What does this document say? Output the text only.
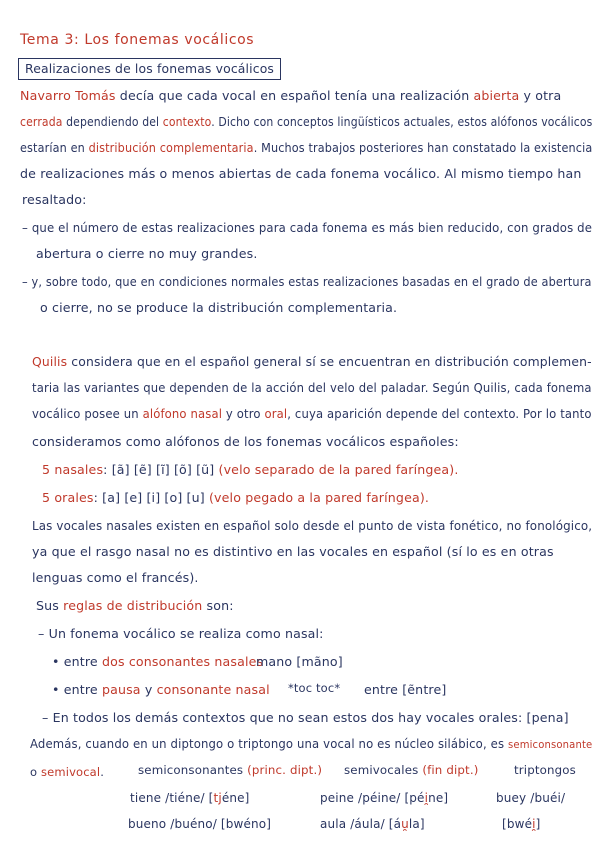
Tema 3: Los fonemas vocálicos
Realizaciones de los fonemas vocálicos
Navarro Tomás decía que cada vocal en español tenía una realización abierta y otra
cerrada dependiendo del contexto. Dicho con conceptos lingüísticos actuales, estos alófonos vocálicos
estarían en distribución complementaria. Muchos trabajos posteriores han constatado la existencia
de realizaciones más o menos abiertas de cada fonema vocálico. Al mismo tiempo han
resaltado:
– que el número de estas realizaciones para cada fonema es más bien reducido, con grados de
abertura o cierre no muy grandes.
– y, sobre todo, que en condiciones normales estas realizaciones basadas en el grado de abertura
o cierre, no se produce la distribución complementaria.
Quilis considera que en el español general sí se encuentran en distribución complemen-
taria las variantes que dependen de la acción del velo del paladar. Según Quilis, cada fonema
vocálico posee un alófono nasal y otro oral, cuya aparición depende del contexto. Por lo tanto
consideramos como alófonos de los fonemas vocálicos españoles:
5 nasales: [ã] [ẽ] [ĩ] [õ] [ũ] (velo separado de la pared faríngea).
5 orales: [a] [e] [i] [o] [u] (velo pegado a la pared faríngea).
Las vocales nasales existen en español solo desde el punto de vista fonético, no fonológico,
ya que el rasgo nasal no es distintivo en las vocales en español (sí lo es en otras
lenguas como el francés).
Sus reglas de distribución son:
– Un fonema vocálico se realiza como nasal:
• entre dos consonantes nasales
mano [mãno]
• entre pausa y consonante nasal *toc toc* entre [ẽntre]
– En todos los demás contextos que no sean estos dos hay vocales orales: [pena]
Además, cuando en un diptongo o triptongo una vocal no es núcleo silábico, es semiconsonante
o semivocal.	semiconsonantes (princ. dipt.) semivocales (fin dipt.)	triptongos
tiene /tiéne/ [tjéne]	peine /péine/ [péi̯ne]	buey /buéi/
bueno /buéno/ [bwéno]	aula /áula/ [áu̯la]	[bwéi̯]
